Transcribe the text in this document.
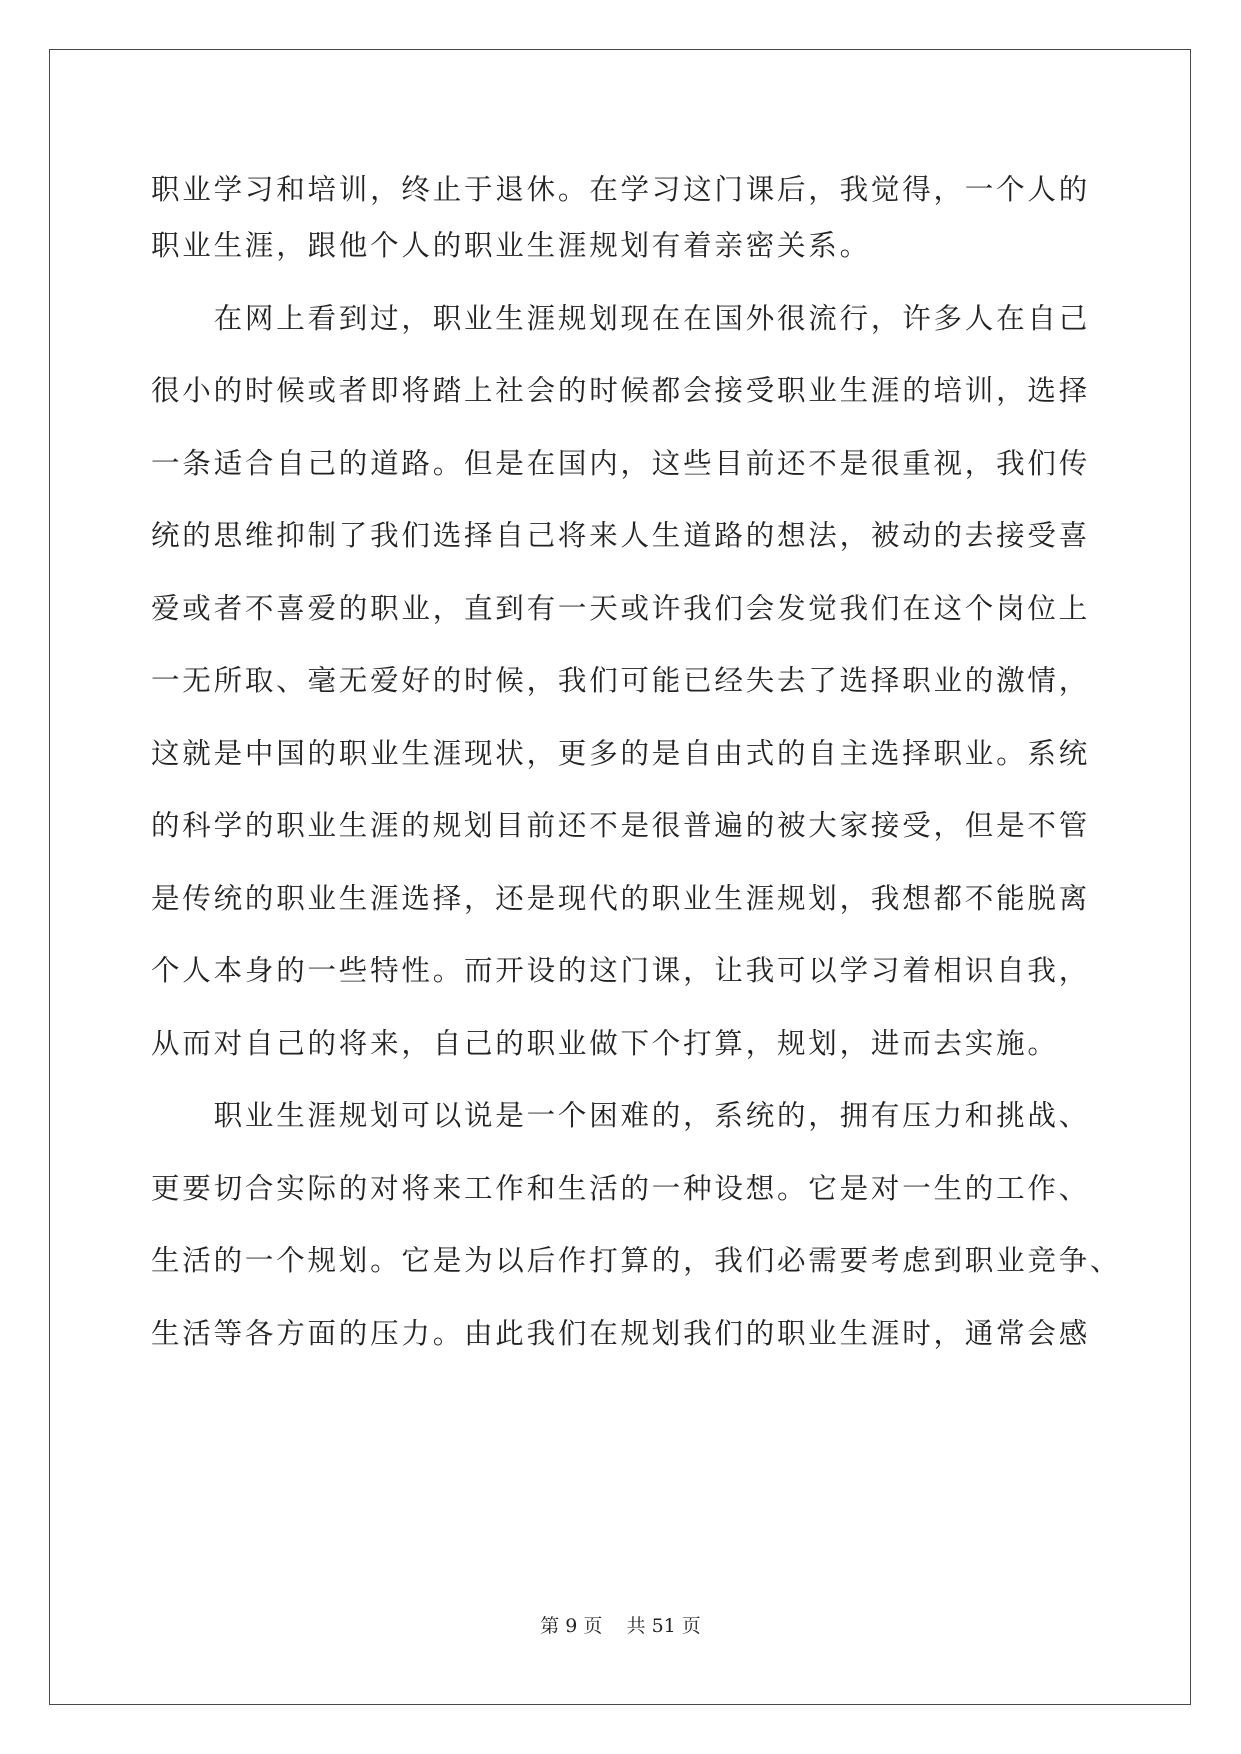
职业学习和培训，终止于退休。在学习这门课后，我觉得，一个人的
职业生涯，跟他个人的职业生涯规划有着亲密关系。
　　在网上看到过，职业生涯规划现在在国外很流行，许多人在自己
很小的时候或者即将踏上社会的时候都会接受职业生涯的培训，选择
一条适合自己的道路。但是在国内，这些目前还不是很重视，我们传
统的思维抑制了我们选择自己将来人生道路的想法，被动的去接受喜
爱或者不喜爱的职业，直到有一天或许我们会发觉我们在这个岗位上
一无所取、毫无爱好的时候，我们可能已经失去了选择职业的激情，
这就是中国的职业生涯现状，更多的是自由式的自主选择职业。系统
的科学的职业生涯的规划目前还不是很普遍的被大家接受，但是不管
是传统的职业生涯选择，还是现代的职业生涯规划，我想都不能脱离
个人本身的一些特性。而开设的这门课，让我可以学习着相识自我，
从而对自己的将来，自己的职业做下个打算，规划，进而去实施。
　　职业生涯规划可以说是一个困难的，系统的，拥有压力和挑战、
更要切合实际的对将来工作和生活的一种设想。它是对一生的工作、
生活的一个规划。它是为以后作打算的，我们必需要考虑到职业竞争、
生活等各方面的压力。由此我们在规划我们的职业生涯时，通常会感
第 9 页    共 51 页
